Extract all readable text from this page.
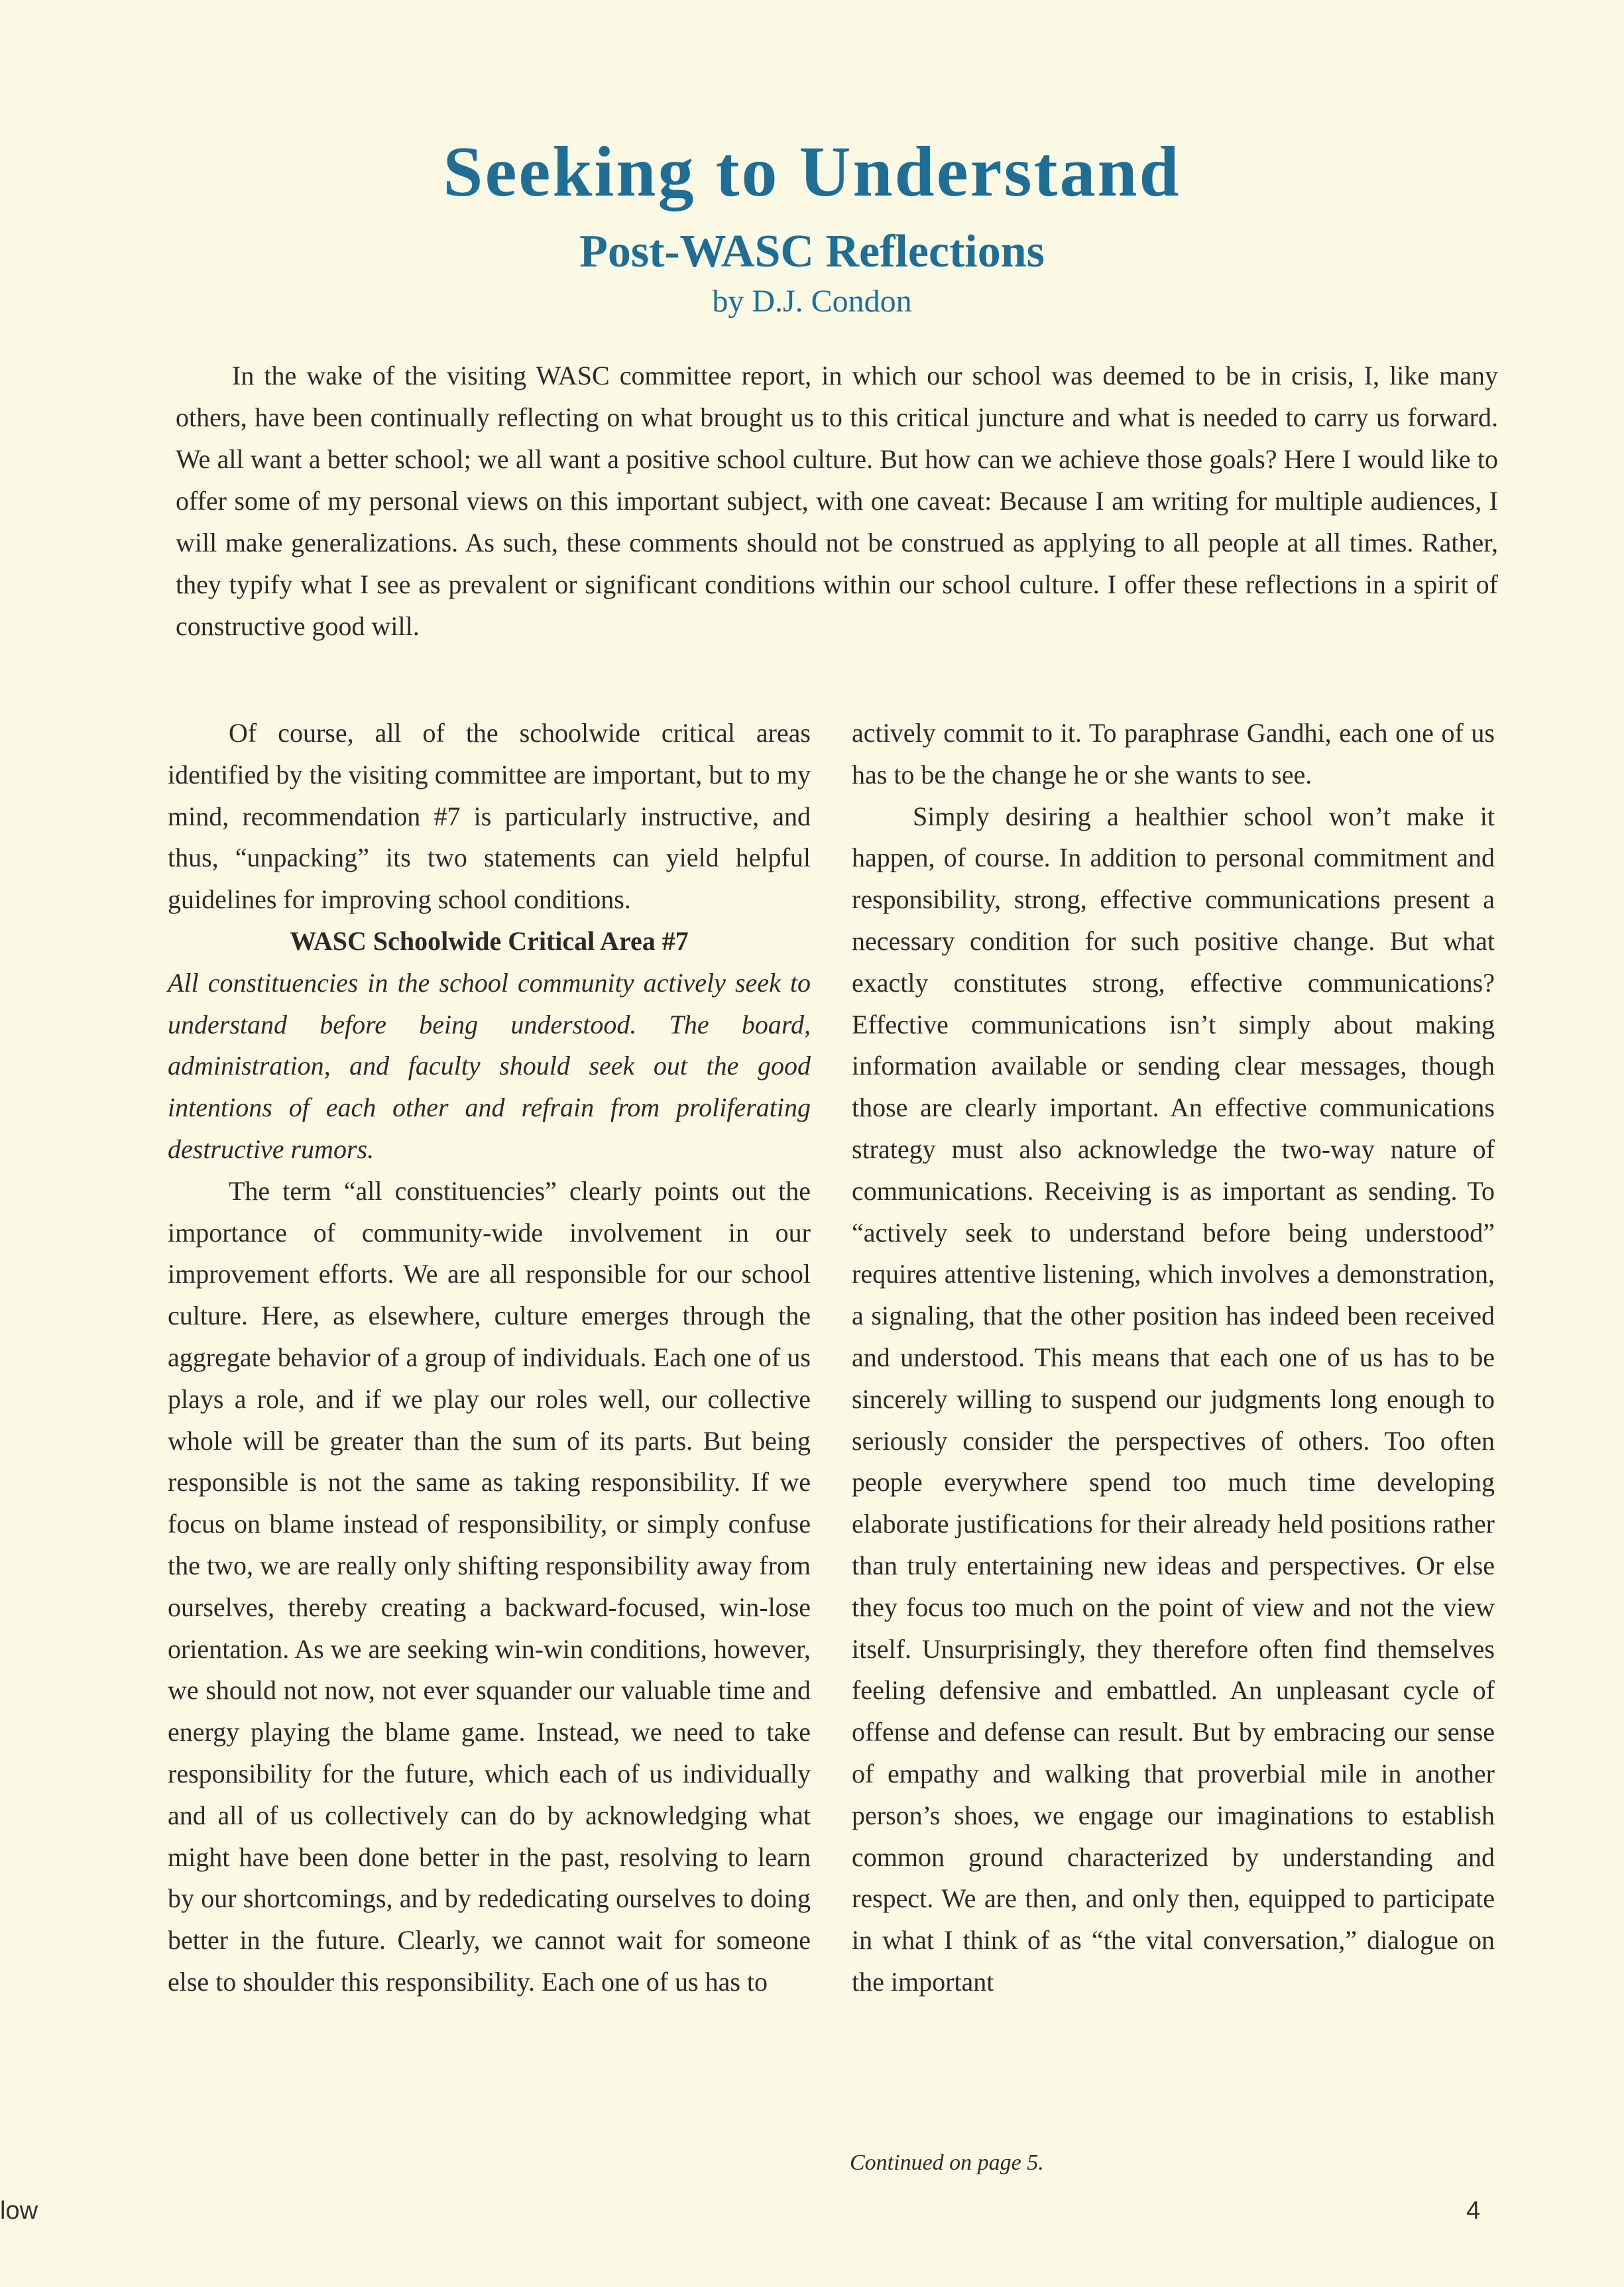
Seeking to Understand
Post-WASC Reflections
by D.J. Condon

In the wake of the visiting WASC committee report, in which our school was deemed to be in crisis, I, like many others, have been continually reflecting on what brought us to this critical juncture and what is needed to carry us forward. We all want a better school; we all want a positive school culture. But how can we achieve those goals? Here I would like to offer some of my personal views on this important subject, with one caveat: Because I am writing for multiple audiences, I will make generalizations. As such, these comments should not be construed as applying to all people at all times. Rather, they typify what I see as prevalent or significant conditions within our school culture. I offer these reflections in a spirit of constructive good will.

Of course, all of the schoolwide critical areas identified by the visiting committee are important, but to my mind, recommendation #7 is particularly instructive, and thus, “unpacking” its two statements can yield helpful guidelines for improving school conditions.

WASC Schoolwide Critical Area #7

All constituencies in the school community actively seek to understand before being understood. The board, administration, and faculty should seek out the good intentions of each other and refrain from proliferating destructive rumors.

The term “all constituencies” clearly points out the importance of community-wide involvement in our improvement efforts. We are all responsible for our school culture. Here, as elsewhere, culture emerges through the aggregate behavior of a group of individuals. Each one of us plays a role, and if we play our roles well, our collective whole will be greater than the sum of its parts. But being responsible is not the same as taking responsibility. If we focus on blame instead of responsibility, or simply confuse the two, we are really only shifting responsibility away from ourselves, thereby creating a backward-focused, win-lose orientation. As we are seeking win-win conditions, however, we should not now, not ever squander our valuable time and energy playing the blame game. Instead, we need to take responsibility for the future, which each of us individually and all of us collectively can do by acknowledging what might have been done better in the past, resolving to learn by our shortcomings, and by rededicating ourselves to doing better in the future. Clearly, we cannot wait for someone else to shoulder this responsibility. Each one of us has to

actively commit to it. To paraphrase Gandhi, each one of us has to be the change he or she wants to see.

Simply desiring a healthier school won’t make it happen, of course. In addition to personal commitment and responsibility, strong, effective communications present a necessary condition for such positive change. But what exactly constitutes strong, effective communications? Effective communications isn’t simply about making information available or sending clear messages, though those are clearly important. An effective communications strategy must also acknowledge the two-way nature of communications. Receiving is as important as sending. To “actively seek to understand before being understood” requires attentive listening, which involves a demonstration, a signaling, that the other position has indeed been received and understood. This means that each one of us has to be sincerely willing to suspend our judgments long enough to seriously consider the perspectives of others. Too often people everywhere spend too much time developing elaborate justifications for their already held positions rather than truly entertaining new ideas and perspectives. Or else they focus too much on the point of view and not the view itself. Unsurprisingly, they therefore often find themselves feeling defensive and embattled. An unpleasant cycle of offense and defense can result. But by embracing our sense of empathy and walking that proverbial mile in another person’s shoes, we engage our imaginations to establish common ground characterized by understanding and respect. We are then, and only then, equipped to participate in what I think of as “the vital conversation,” dialogue on the important

Continued on page 5.
low	4
